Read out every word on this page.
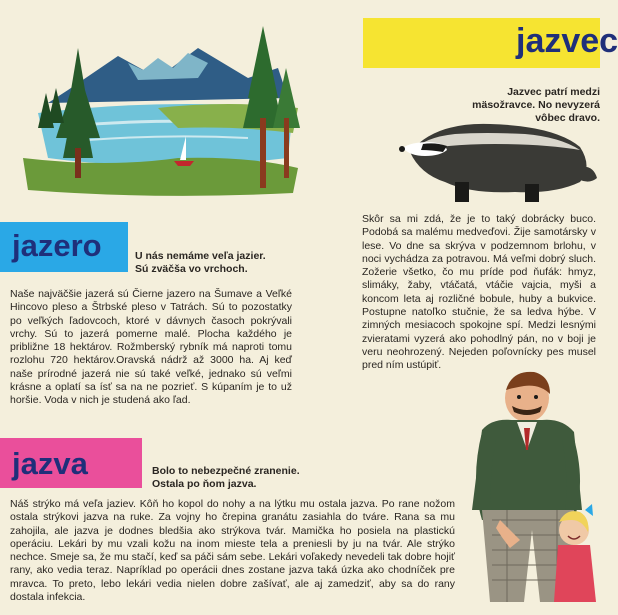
jazvec
Jazvec patrí medzi mäsožravce. No nevyzerá vôbec dravo.
Skôr sa mi zdá, že je to taký dobrácky buco. Podobá sa malému medveďovi. Žije samotársky v lese. Vo dne sa skrýva v podzemnom brlohu, v noci vychádza za potravou. Má veľmi dobrý sluch. Zožerie všetko, čo mu príde pod ňufák: hmyz, slimáky, žaby, vtáčatá, vtáčie vajcia, myši a koncom leta aj rozličné bobule, huby a bukvice. Postupne natoľko stučnie, že sa ledva hýbe. V zimných mesiacoch spokojne spí. Medzi lesnými zvieratami vyzerá ako pohodlný pán, no v boji je veru neohrozený. Nejeden poľovnícky pes musel pred ním ustúpiť.
jazero	U nás nemáme veľa jazier. Sú zväčša vo vrchoch.
Naše najväčšie jazerá sú Čierne jazero na Šumave a Veľké Hincovo pleso a Štrbské pleso v Tatrách. Sú to pozostatky po veľkých ľadovcoch, ktoré v dávnych časoch pokrývali vrchy. Sú to jazerá pomerne malé. Plocha každého je približne 18 hektárov. Rožmberský rybník má naproti tomu rozlohu 720 hektárov.Oravská nádrž až 3000 ha. Aj keď naše prírodné jazerá nie sú také veľké, jednako sú veľmi krásne a oplatí sa ísť sa na ne pozrieť. S kúpaním je to už horšie. Voda v nich je studená ako ľad.
jazva	Bolo to nebezpečné zranenie. Ostala po ňom jazva.
Náš strýko má veľa jaziev. Kôň ho kopol do nohy a na lýtku mu ostala jazva. Po rane nožom ostala strýkovi jazva na ruke. Za vojny ho črepina granátu zasiahla do tváre. Rana sa mu zahojila, ale jazva je dodnes bledšia ako strýkova tvár. Mamička ho posiela na plastickú operáciu. Lekári by mu vzali kožu na inom mieste tela a preniesli by ju na tvár. Ale strýko nechce. Smeje sa, že mu stačí, keď sa páči sám sebe. Lekári voľakedy nevedeli tak dobre hojiť rany, ako vedia teraz. Napríklad po operácii dnes zostane jazva taká úzka ako chodníček pre mravca. To preto, lebo lekári vedia nielen dobre zašívať, ale aj zamedziť, aby sa do rany dostala infekcia.
